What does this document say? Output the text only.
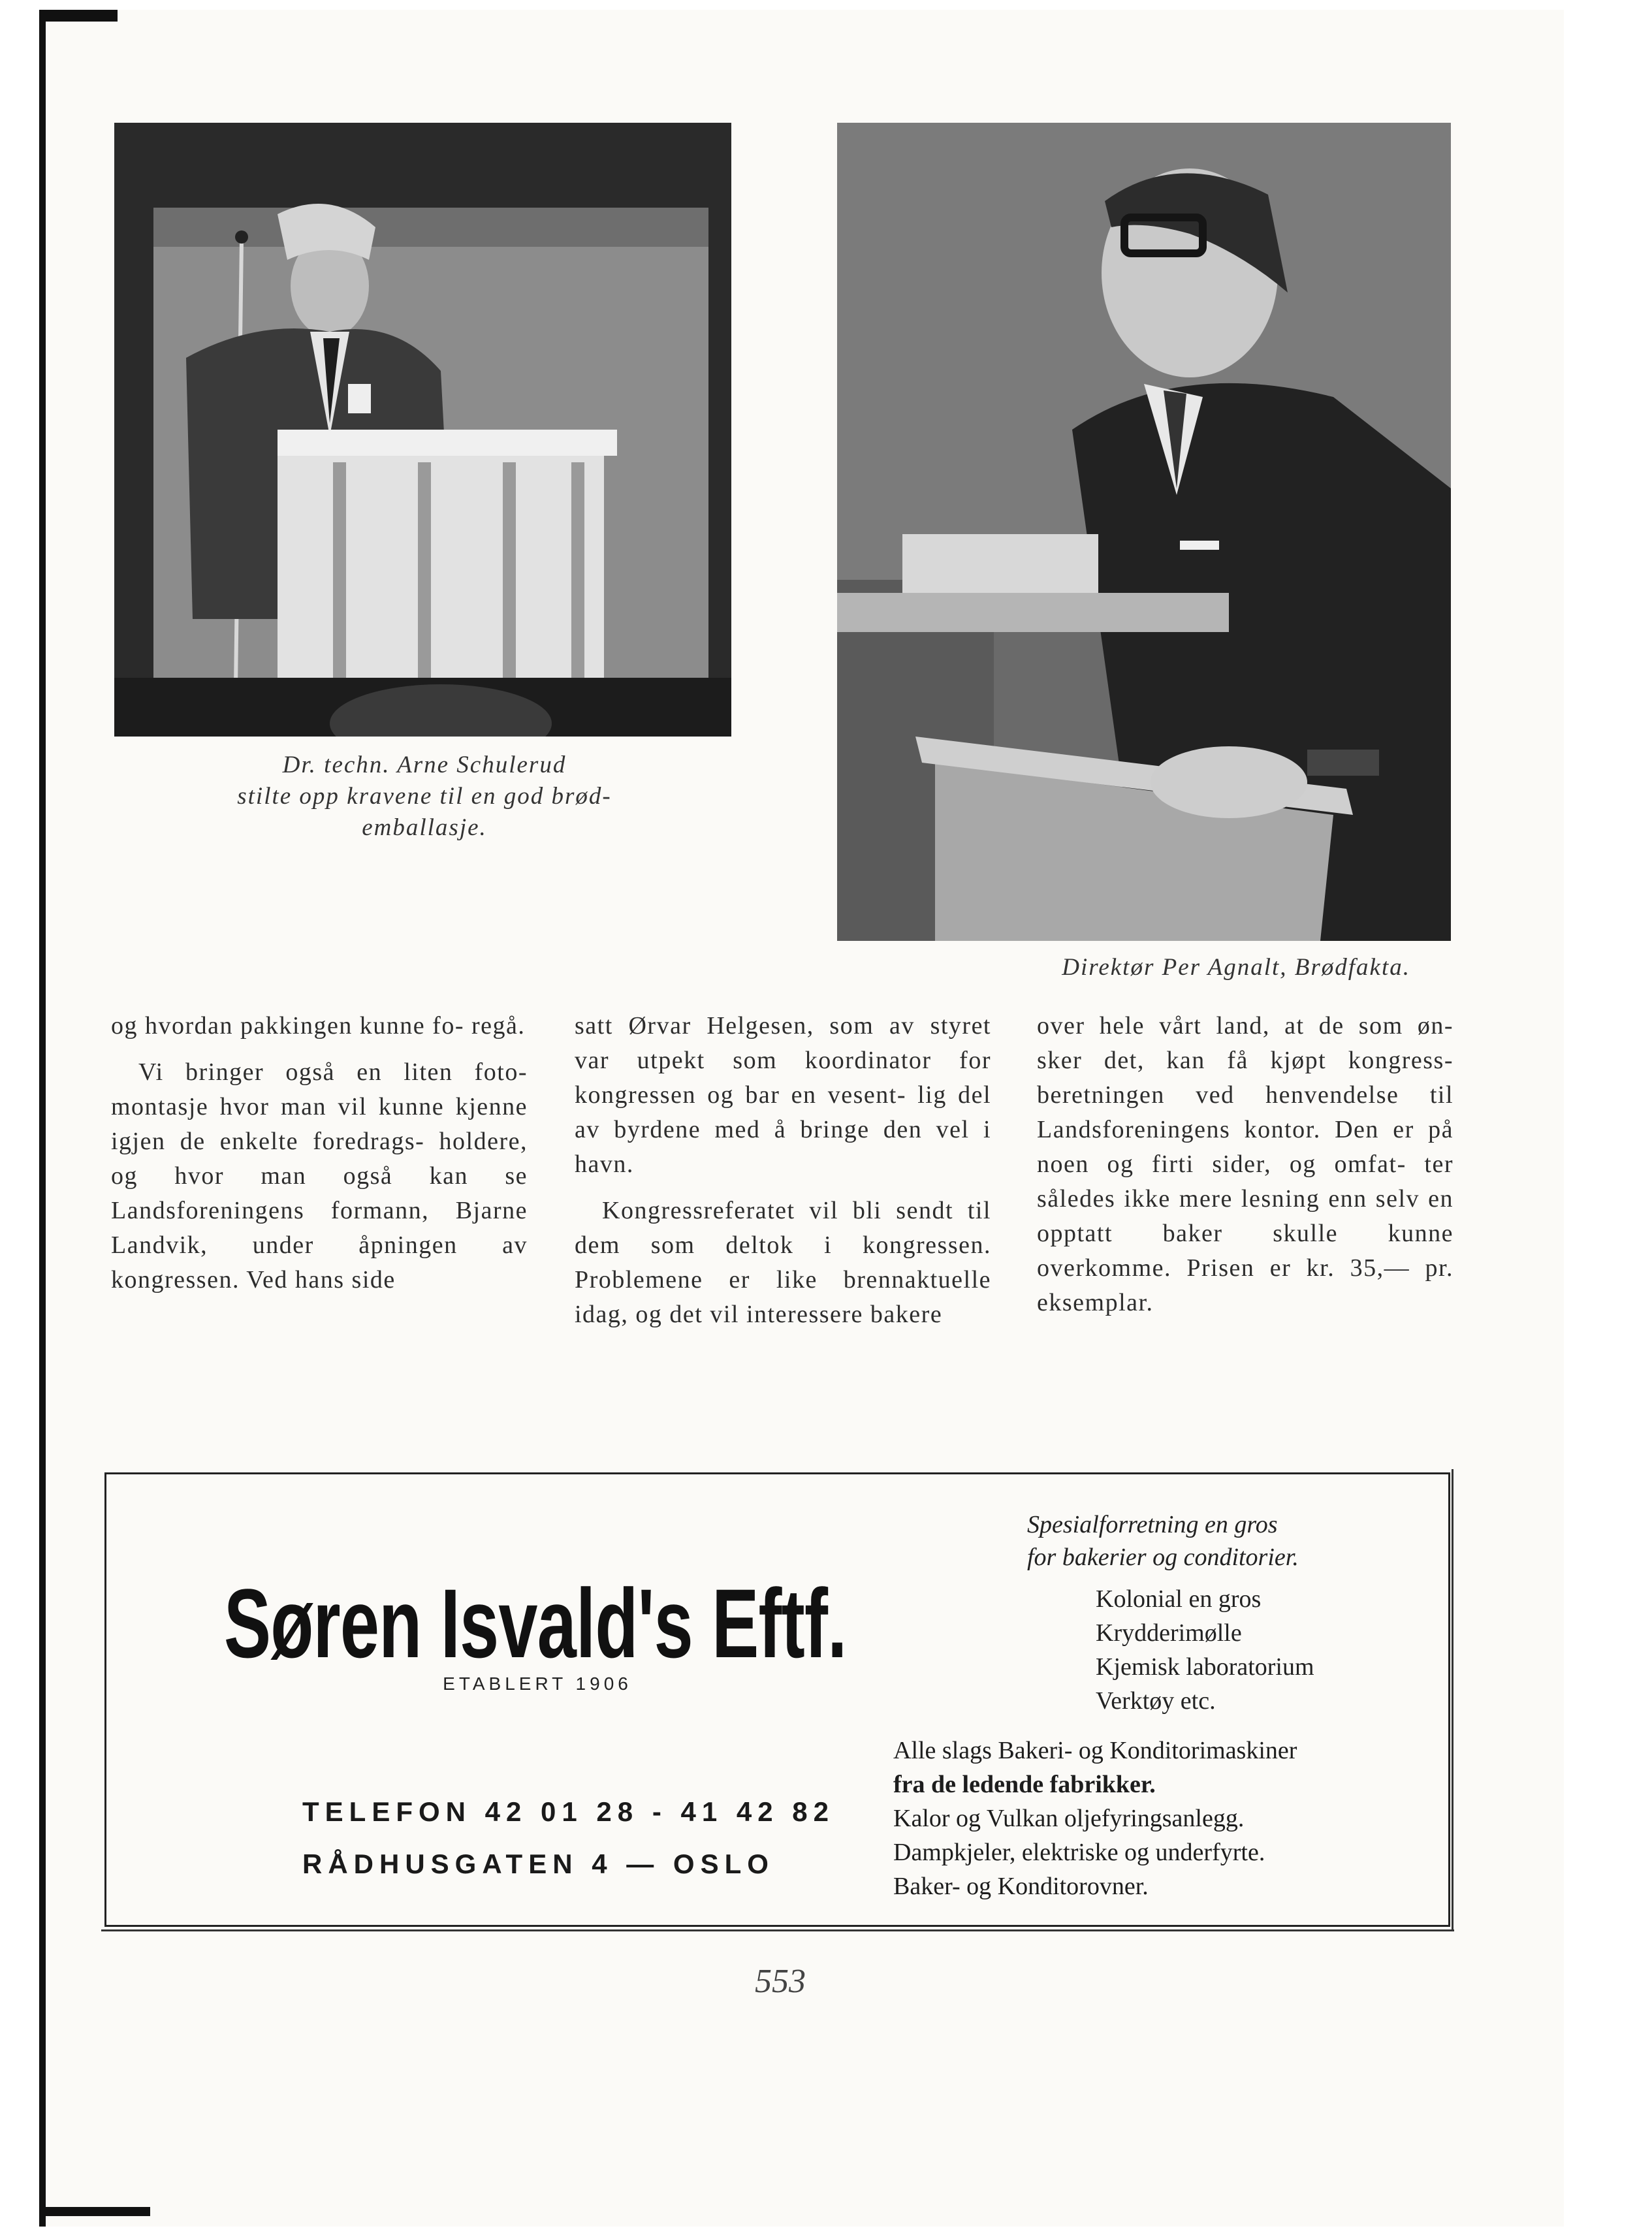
Dr. techn. Arne Schulerud
stilte opp kravene til en god brød-
emballasje.
Direktør Per Agnalt, Brødfakta.

og hvordan pakkingen kunne fo- regå.

Vi bringer også en liten foto- montasje hvor man vil kunne kjenne igjen de enkelte foredrags- holdere, og hvor man også kan se Landsforeningens formann, Bjarne Landvik, under åpningen av kongressen. Ved hans side

satt Ørvar Helgesen, som av styret var utpekt som koordinator for kongressen og bar en vesent- lig del av byrdene med å bringe den vel i havn.

Kongressreferatet vil bli sendt til dem som deltok i kongressen. Problemene er like brennaktuelle idag, og det vil interessere bakere

over hele vårt land, at de som øn- sker det, kan få kjøpt kongress- beretningen ved henvendelse til Landsforeningens kontor. Den er på noen og firti sider, og omfat- ter således ikke mere lesning enn selv en opptatt baker skulle kunne overkomme. Prisen er kr. 35,— pr. eksemplar.

Søren Isvald's Eftf.
ETABLERT 1906
TELEFON 42 01 28 - 41 42 82
RÅDHUSGATEN 4 — OSLO
Spesialforretning en gros
for bakerier og conditorier.
Kolonial en gros
Krydderimølle
Kjemisk laboratorium
Verktøy etc.
Alle slags Bakeri- og Konditorimaskiner
fra de ledende fabrikker.
Kalor og Vulkan oljefyringsanlegg.
Dampkjeler, elektriske og underfyrte.
Baker- og Konditorovner.
553
